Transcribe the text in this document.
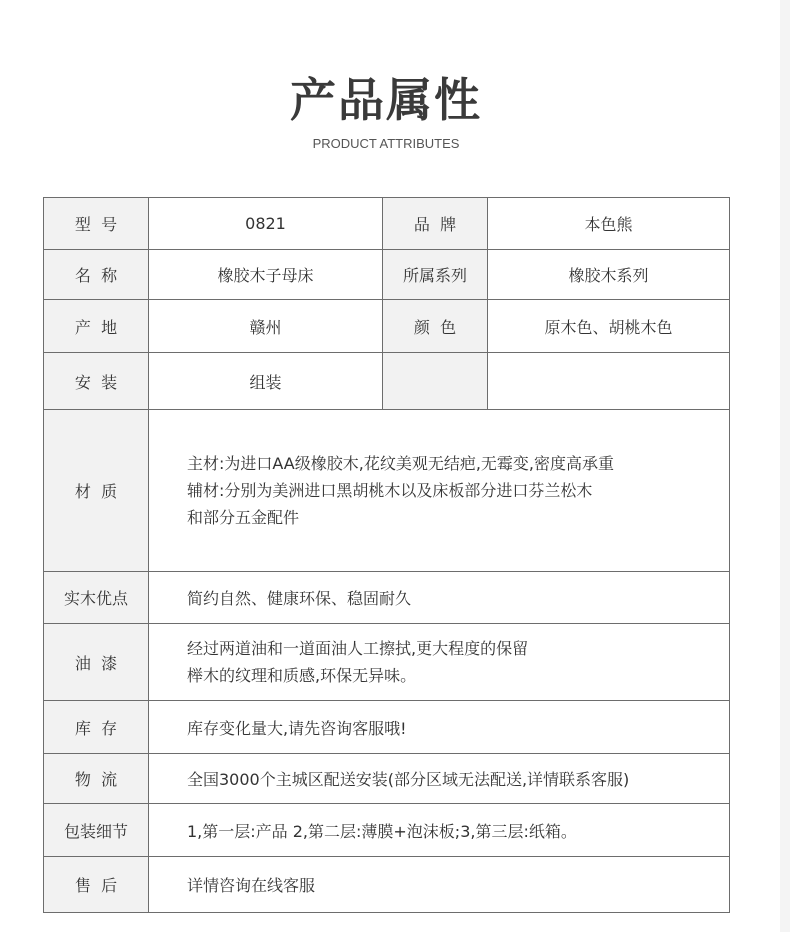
产品属性
PRODUCT ATTRIBUTES
型  号	0821	品  牌	本色熊
名  称	橡胶木子母床	所属系列	橡胶木系列
产  地	赣州	颜  色	原木色、胡桃木色
安  装	组装		
材  质	主材:为进口AA级橡胶木,花纹美观无结疤,无霉变,密度高承重
辅材:分别为美洲进口黑胡桃木以及床板部分进口芬兰松木
和部分五金配件		

实木优点	简约自然、健康环保、稳固耐久		
油  漆	经过两道油和一道面油人工擦拭,更大程度的保留
榉木的纹理和质感,环保无异味。		

库  存	库存变化量大,请先咨询客服哦!		
物  流	全国3000个主城区配送安装(部分区域无法配送,详情联系客服)		
包装细节	1,第一层:产品 2,第二层:薄膜+泡沫板;3,第三层:纸箱。		
售  后	详情咨询在线客服		
